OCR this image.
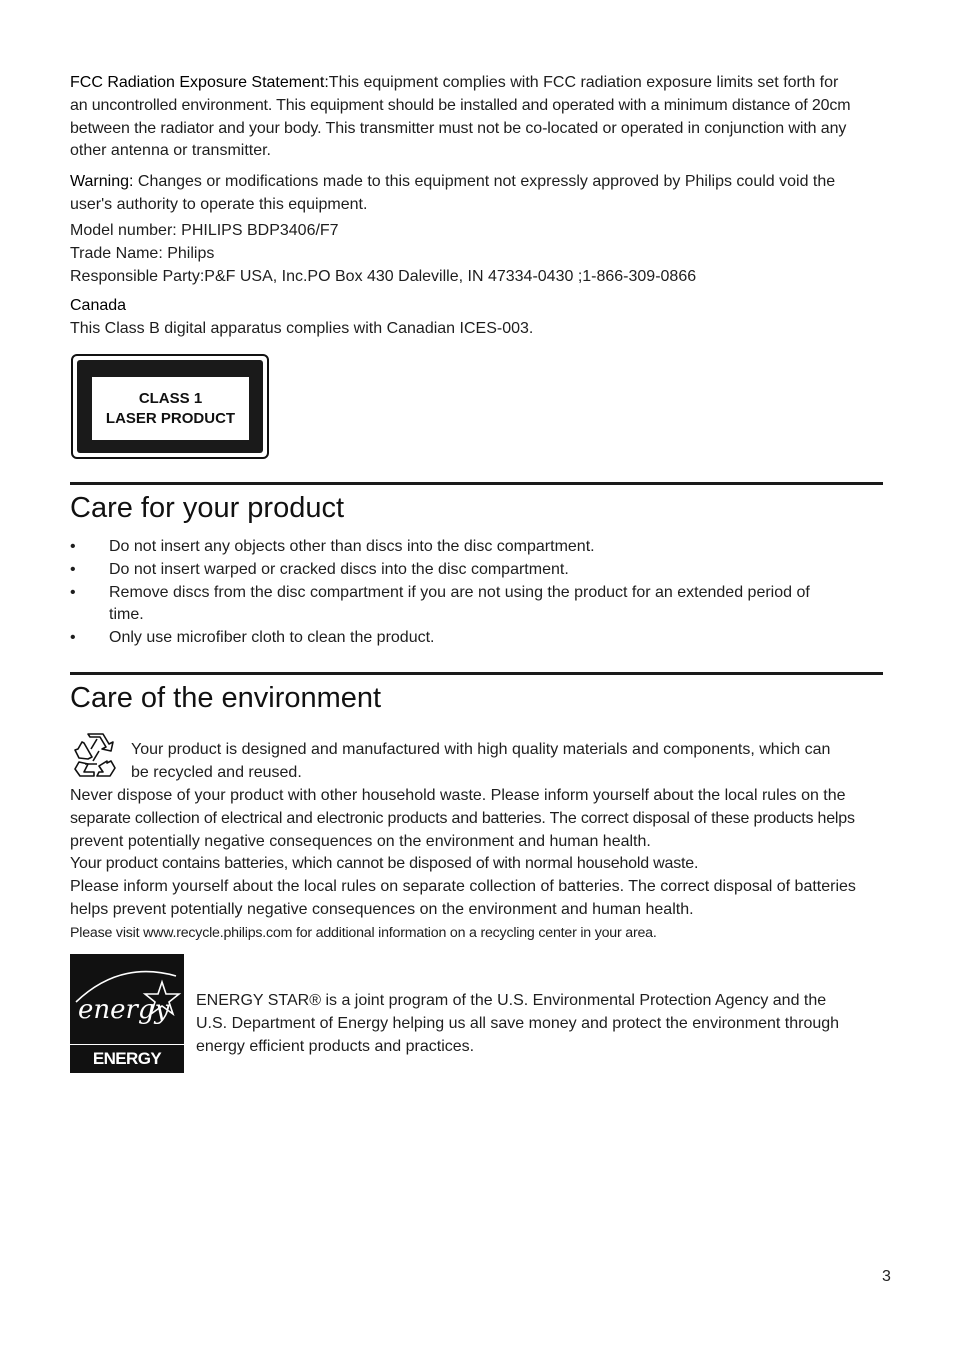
FCC Radiation Exposure Statement:This equipment complies with FCC radiation exposure limits set forth for
an uncontrolled environment. This equipment should be installed and operated with a minimum distance of 20cm
between the radiator and your body. This transmitter must not be co-located or operated in conjunction with any
other antenna or transmitter.

Warning: Changes or modifications made to this equipment not expressly approved by Philips could void the
user's authority to operate this equipment.

Model number: PHILIPS BDP3406/F7
Trade Name: Philips
Responsible Party:P&F USA, Inc.PO Box 430 Daleville, IN 47334-0430 ;1-866-309-0866

Canada
This Class B digital apparatus complies with Canadian ICES-003.

CLASS 1
LASER PRODUCT
Care for your product
• Do not insert any objects other than discs into the disc compartment.
• Do not insert warped or cracked discs into the disc compartment.
• Remove discs from the disc compartment if you are not using the product for an extended period of
time.
• Only use microfiber cloth to clean the product.
Care of the environment

Your product is designed and manufactured with high quality materials and components, which can
be recycled and reused.

Never dispose of your product with other household waste. Please inform yourself about the local rules on the
separate collection of electrical and electronic products and batteries. The correct disposal of these products helps
prevent potentially negative consequences on the environment and human health.
Your product contains batteries, which cannot be disposed of with normal household waste.
Please inform yourself about the local rules on separate collection of batteries. The correct disposal of batteries
helps prevent potentially negative consequences on the environment and human health.
Please visit www.recycle.philips.com for additional information on a recycling center in your area.

energy
ENERGY STAR

ENERGY STAR® is a joint program of the U.S. Environmental Protection Agency and the
U.S. Department of Energy helping us all save money and protect the environment through
energy efficient products and practices.

3
